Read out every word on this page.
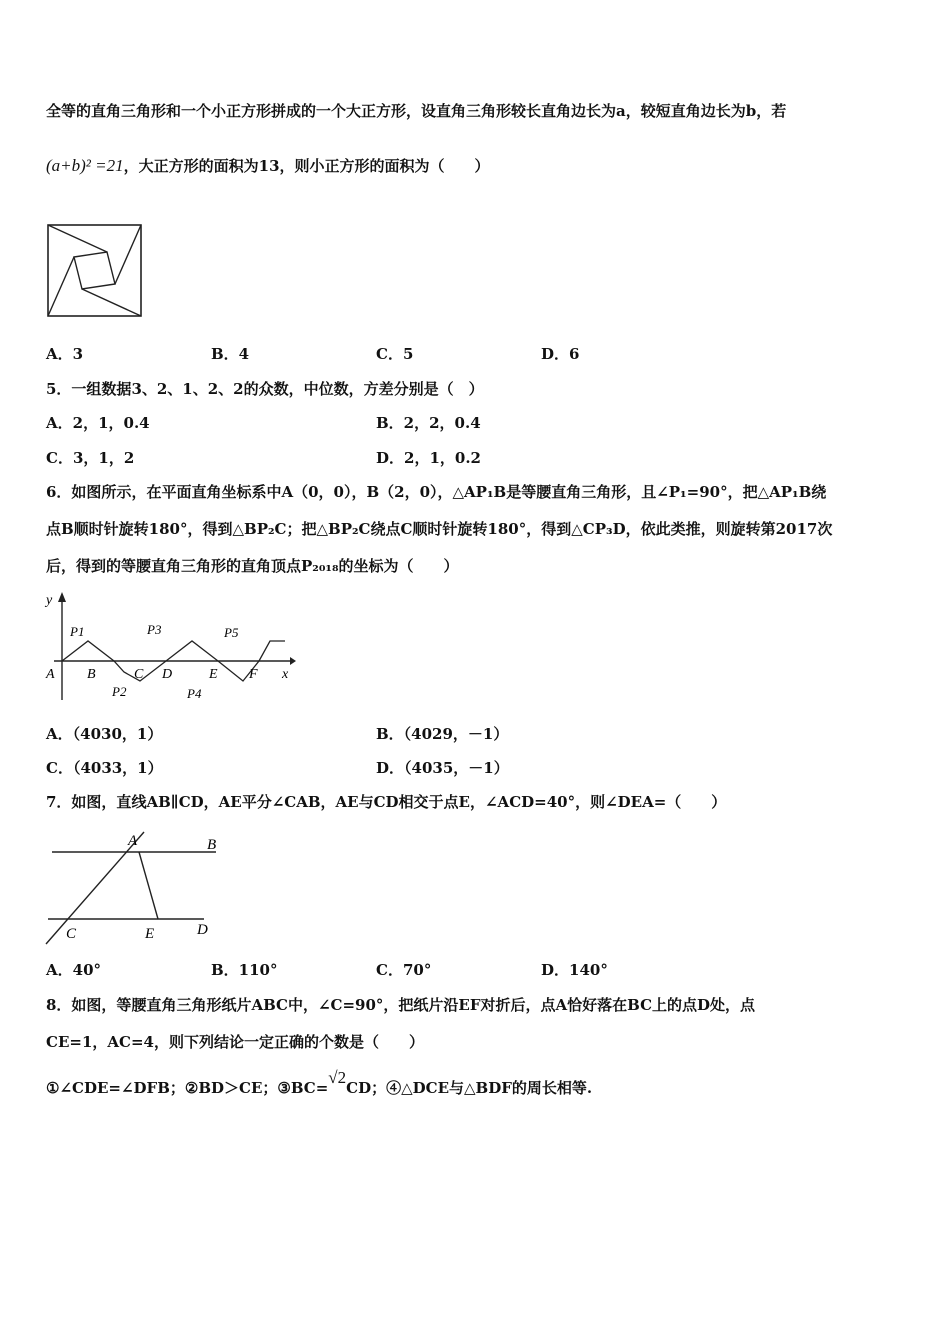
全等的直角三角形和一个小正方形拼成的一个大正方形，设直角三角形较长直角边长为a，较短直角边长为b，若
(a+b)² =21，大正方形的面积为13，则小正方形的面积为（　　）
A．3	B．4	C．5	D．6
5．一组数据3、2、1、2、2的众数，中位数，方差分别是（　）
A．2，1，0.4	B．2，2，0.4
C．3，1，2	D．2，1，0.2
6．如图所示，在平面直角坐标系中A（0，0），B（2，0），△AP₁B是等腰直角三角形，且∠P₁=90°，把△AP₁B绕
点B顺时针旋转180°，得到△BP₂C；把△BP₂C绕点C顺时针旋转180°，得到△CP₃D，依此类推，则旋转第2017次
后，得到的等腰直角三角形的直角顶点P₂₀₁₈的坐标为（　　）
y
x
A B	C D	E F
P1
P2
P3
P4
P5
A．（4030，1）	B．（4029，－1）
C．（4033，1）	D．（4035，－1）
7．如图，直线AB∥CD，AE平分∠CAB，AE与CD相交于点E，∠ACD=40°，则∠DEA=（　　）
A	B
C	E	D
A．40°	B．110°	C．70°	D．140°
8．如图，等腰直角三角形纸片ABC中，∠C=90°，把纸片沿EF对折后，点A恰好落在BC上的点D处，点
CE=1，AC=4，则下列结论一定正确的个数是（　　）
①∠CDE=∠DFB；②BD＞CE；③BC=√2CD；④△DCE与△BDF的周长相等.
